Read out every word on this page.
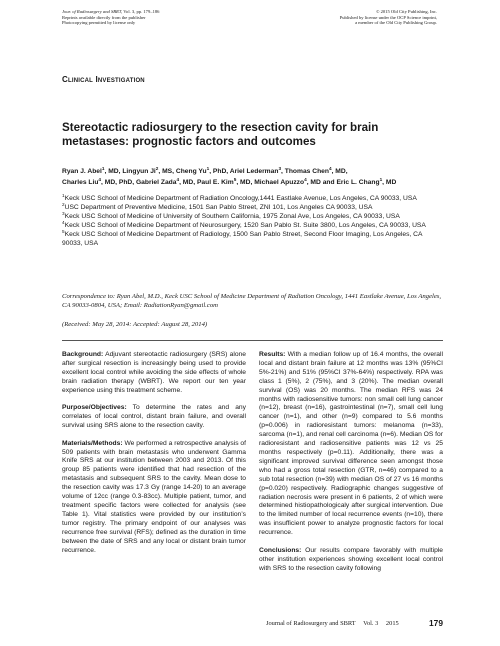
Jour. of Radiosurgery and SBRT, Vol. 3, pp. 179–186
Reprints available directly from the publisher
Photocopying permitted by license only
© 2015 Old City Publishing, Inc.
Published by license under the OCP Science imprint,
a member of the Old City Publishing Group.
Clinical Investigation
Stereotactic radiosurgery to the resection cavity for brain metastases: prognostic factors and outcomes
Ryan J. Abel$^1$, MD, Lingyun Ji$^2$, MS, Cheng Yu$^1$, PhD, Ariel Lederman$^3$, Thomas Chen$^4$, MD,
Charles Liu$^4$, MD, PhD, Gabriel Zada$^4$, MD, Paul E. Kim$^5$, MD, Michael Apuzzo$^4$, MD and Eric L. Chang$^1$, MD
$^1$Keck USC School of Medicine Department of Radiation Oncology,1441 Eastlake Avenue, Los Angeles, CA 90033, USA
$^2$USC Department of Preventive Medicine, 1501 San Pablo Street, ZNI 101, Los Angeles CA 90033, USA
$^3$Keck USC School of Medicine of University of Southern California, 1975 Zonal Ave, Los Angeles, CA 90033, USA
$^4$Keck USC School of Medicine Department of Neurosurgery, 1520 San Pablo St. Suite 3800, Los Angeles, CA 90033, USA
$^5$Keck USC School of Medicine Department of Radiology, 1500 San Pablo Street, Second Floor Imaging, Los Angeles, CA 90033, USA
Correspondence to: Ryan Abel, M.D., Keck USC School of Medicine Department of Radiation Oncology, 1441 Eastlake Avenue, Los Angeles, CA 90033-0804, USA; Email: RadiationRyan@gmail.com
(Received: May 28, 2014: Accepted: August 28, 2014)

Background: Adjuvant stereotactic radiosurgery (SRS) alone after surgical resection is increasingly being used to provide excellent local control while avoiding the side effects of whole brain radiation therapy (WBRT). We report our ten year experience using this treatment scheme.

Purpose/Objectives: To determine the rates and any correlates of local control, distant brain failure, and overall survival using SRS alone to the resection cavity.

Materials/Methods: We performed a retrospective analysis of 509 patients with brain metastasis who underwent Gamma Knife SRS at our institution between 2003 and 2013. Of this group 85 patients were identified that had resection of the metastasis and subsequent SRS to the cavity. Mean dose to the resection cavity was 17.3 Gy (range 14-20) to an average volume of 12cc (range 0.3-83cc). Multiple patient, tumor, and treatment specific factors were collected for analysis (see Table 1). Vital statistics were provided by our institution’s tumor registry. The primary endpoint of our analyses was recurrence free survival (RFS); defined as the duration in time between the date of SRS and any local or distant brain tumor recurrence.

Results: With a median follow up of 16.4 months, the overall local and distant brain failure at 12 months was 13% (95%CI 5%-21%) and 51% (95%CI 37%-64%) respectively. RPA was class 1 (5%), 2 (75%), and 3 (20%). The median overall survival (OS) was 20 months. The median RFS was 24 months with radiosensitive tumors: non small cell lung cancer (n=12), breast (n=16), gastrointestinal (n=7), small cell lung cancer (n=1), and other (n=9) compared to 5.6 months (p=0.006) in radioresistant tumors: melanoma (n=33), sarcoma (n=1), and renal cell carcinoma (n=6). Median OS for radioresistant and radiosensitive patients was 12 vs 25 months respectively (p=0.11). Additionally, there was a significant improved survival difference seen amongst those who had a gross total resection (GTR, n=46) compared to a sub total resection (n=39) with median OS of 27 vs 16 months (p=0.020) respectively. Radiographic changes suggestive of radiation necrosis were present in 6 patients, 2 of which were determined histiopathologicaly after surgical intervention. Due to the limited number of local recurrence events (n=10), there was insufficient power to analyze prognostic factors for local recurrence.

Conclusions: Our results compare favorably with multiple other institution experiences showing excellent local control with SRS to the resection cavity following

Journal of Radiosurgery and SBRT Vol. 3 2015	179
